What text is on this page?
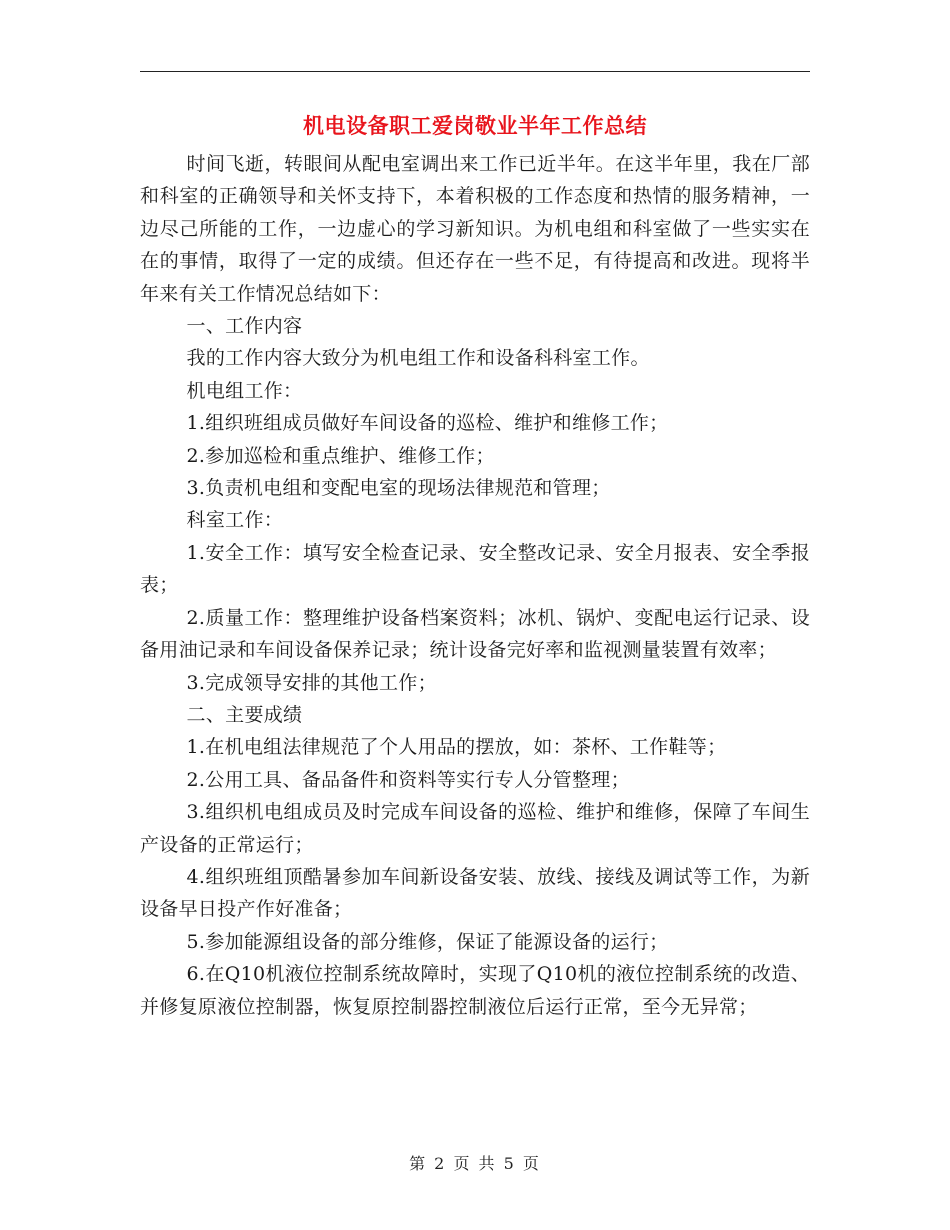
机电设备职工爱岗敬业半年工作总结

时间飞逝，转眼间从配电室调出来工作已近半年。在这半年里，我在厂部和科室的正确领导和关怀支持下，本着积极的工作态度和热情的服务精神，一边尽己所能的工作，一边虚心的学习新知识。为机电组和科室做了一些实实在在的事情，取得了一定的成绩。但还存在一些不足，有待提高和改进。现将半年来有关工作情况总结如下：

一、工作内容

我的工作内容大致分为机电组工作和设备科科室工作。

机电组工作：

1.组织班组成员做好车间设备的巡检、维护和维修工作；

2.参加巡检和重点维护、维修工作；

3.负责机电组和变配电室的现场法律规范和管理；

科室工作：

1.安全工作：填写安全检查记录、安全整改记录、安全月报表、安全季报表；

2.质量工作：整理维护设备档案资料；冰机、锅炉、变配电运行记录、设备用油记录和车间设备保养记录；统计设备完好率和监视测量装置有效率；

3.完成领导安排的其他工作；

二、主要成绩

1.在机电组法律规范了个人用品的摆放，如：茶杯、工作鞋等；

2.公用工具、备品备件和资料等实行专人分管整理；

3.组织机电组成员及时完成车间设备的巡检、维护和维修，保障了车间生产设备的正常运行；

4.组织班组顶酷暑参加车间新设备安装、放线、接线及调试等工作，为新设备早日投产作好准备；

5.参加能源组设备的部分维修，保证了能源设备的运行；

6.在Q10机液位控制系统故障时，实现了Q10机的液位控制系统的改造、并修复原液位控制器，恢复原控制器控制液位后运行正常，至今无异常；

第 2 页 共 5 页
